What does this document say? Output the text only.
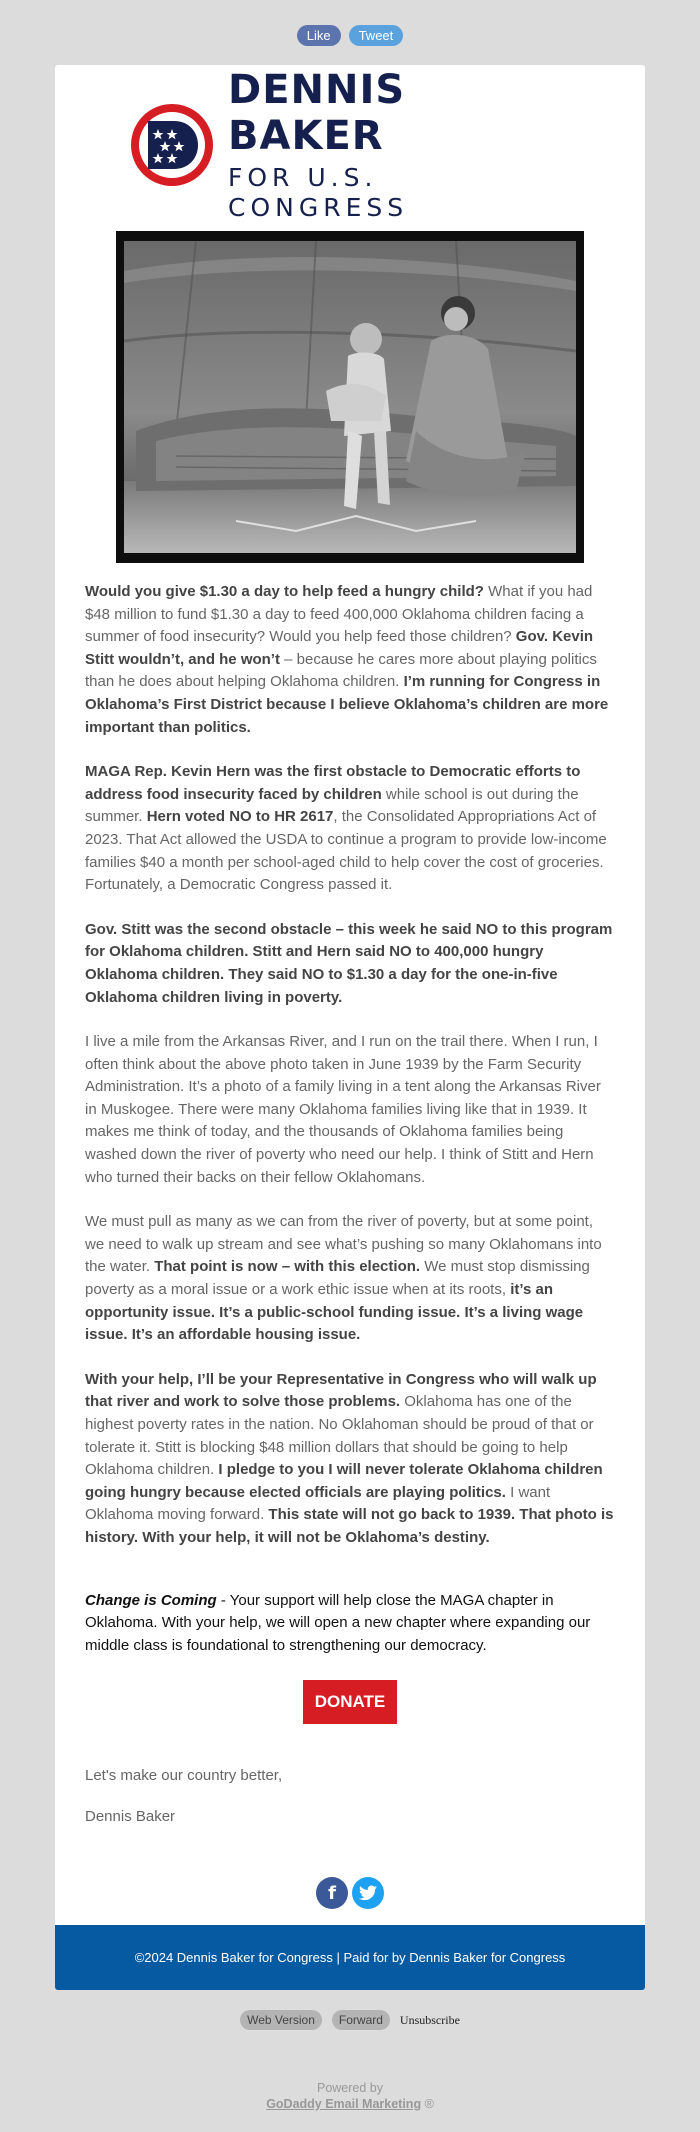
Like	Tweet
DENNIS BAKER
FOR U.S. CONGRESS

Would you give $1.30 a day to help feed a hungry child? What if you had $48 million to fund $1.30 a day to feed 400,000 Oklahoma children facing a summer of food insecurity? Would you help feed those children? Gov. Kevin Stitt wouldn’t, and he won’t – because he cares more about playing politics than he does about helping Oklahoma children. I’m running for Congress in Oklahoma’s First District because I believe Oklahoma’s children are more important than politics.

MAGA Rep. Kevin Hern was the first obstacle to Democratic efforts to address food insecurity faced by children while school is out during the summer. Hern voted NO to HR 2617, the Consolidated Appropriations Act of 2023. That Act allowed the USDA to continue a program to provide low-income families $40 a month per school-aged child to help cover the cost of groceries. Fortunately, a Democratic Congress passed it.

Gov. Stitt was the second obstacle – this week he said NO to this program for Oklahoma children. Stitt and Hern said NO to 400,000 hungry Oklahoma children. They said NO to $1.30 a day for the one-in-five Oklahoma children living in poverty.

I live a mile from the Arkansas River, and I run on the trail there. When I run, I often think about the above photo taken in June 1939 by the Farm Security Administration. It’s a photo of a family living in a tent along the Arkansas River in Muskogee. There were many Oklahoma families living like that in 1939. It makes me think of today, and the thousands of Oklahoma families being washed down the river of poverty who need our help. I think of Stitt and Hern who turned their backs on their fellow Oklahomans.

We must pull as many as we can from the river of poverty, but at some point, we need to walk up stream and see what’s pushing so many Oklahomans into the water. That point is now – with this election. We must stop dismissing poverty as a moral issue or a work ethic issue when at its roots, it’s an opportunity issue. It’s a public-school funding issue. It’s a living wage issue. It’s an affordable housing issue.

With your help, I’ll be your Representative in Congress who will walk up that river and work to solve those problems. Oklahoma has one of the highest poverty rates in the nation. No Oklahoman should be proud of that or tolerate it. Stitt is blocking $48 million dollars that should be going to help Oklahoma children. I pledge to you I will never tolerate Oklahoma children going hungry because elected officials are playing politics. I want Oklahoma moving forward. This state will not go back to 1939. That photo is history. With your help, it will not be Oklahoma’s destiny.

Change is Coming - Your support will help close the MAGA chapter in Oklahoma. With your help, we will open a new chapter where expanding our middle class is foundational to strengthening our democracy.

DONATE
Let's make our country better,
Dennis Baker
f
©2024 Dennis Baker for Congress | Paid for by Dennis Baker for Congress
Web Version	Forward	Unsubscribe
Powered by
GoDaddy Email Marketing ®
